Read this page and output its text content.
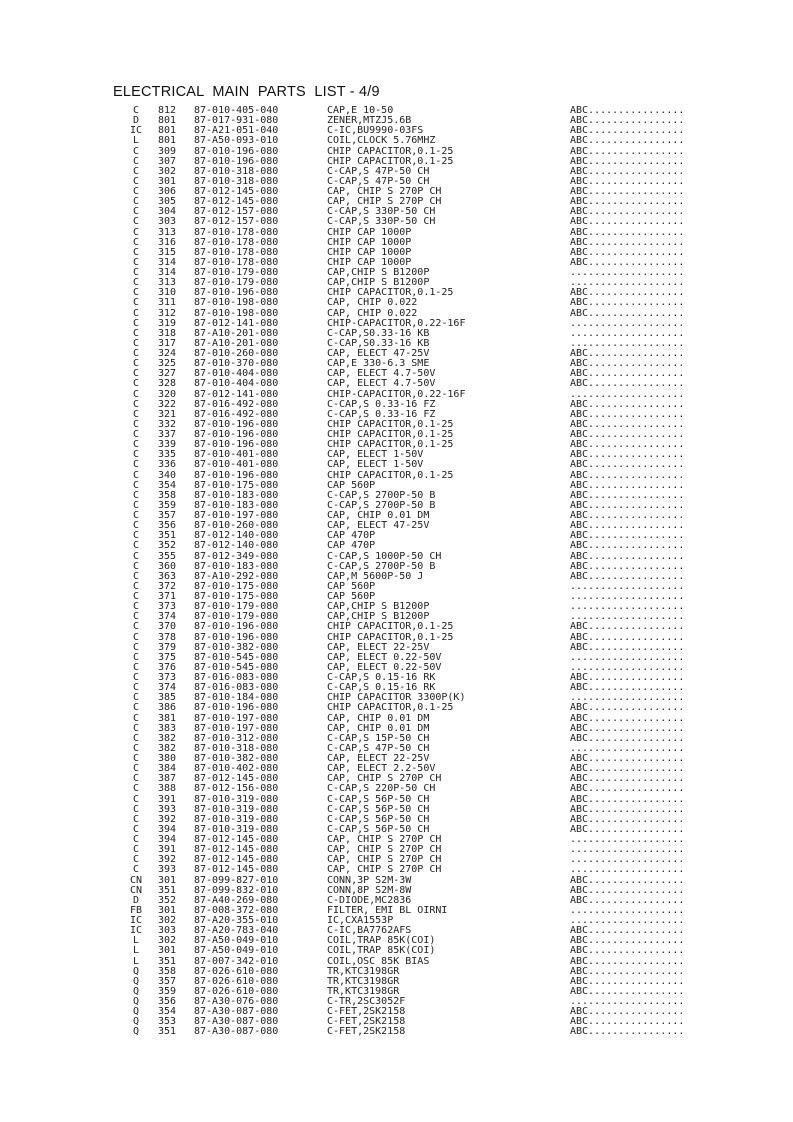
ELECTRICAL  MAIN  PARTS  LIST - 4/9
C	812 87-010-405-040	CAP,E 10-50	ABC................
D	801 87-017-931-080	ZENER,MTZJ5.6B	ABC................
IC	801 87-A21-051-040	C-IC,BU9990-03FS	ABC................
L	801 87-A50-093-010	COIL,CLOCK 5.76MHZ	ABC................
C	309 87-010-196-080	CHIP CAPACITOR,0.1-25	ABC................
C	307 87-010-196-080	CHIP CAPACITOR,0.1-25	ABC................
C	302 87-010-318-080	C-CAP,S 47P-50 CH	ABC................
C	301 87-010-318-080	C-CAP,S 47P-50 CH	ABC................
C	306 87-012-145-080	CAP, CHIP S 270P CH	ABC................
C	305 87-012-145-080	CAP, CHIP S 270P CH	ABC................
C	304 87-012-157-080	C-CAP,S 330P-50 CH	ABC................
C	303 87-012-157-080	C-CAP,S 330P-50 CH	ABC................
C	313 87-010-178-080	CHIP CAP 1000P	ABC................
C	316 87-010-178-080	CHIP CAP 1000P	ABC................
C	315 87-010-178-080	CHIP CAP 1000P	ABC................
C	314 87-010-178-080	CHIP CAP 1000P	ABC................
C	314 87-010-179-080	CAP,CHIP S B1200P	...................
C	313 87-010-179-080	CAP,CHIP S B1200P	...................
C	310 87-010-196-080	CHIP CAPACITOR,0.1-25	ABC................
C	311 87-010-198-080	CAP, CHIP 0.022	ABC................
C	312 87-010-198-080	CAP, CHIP 0.022	ABC................
C	319 87-012-141-080	CHIP-CAPACITOR,0.22-16F	...................
C	318 87-A10-201-080	C-CAP,S0.33-16 KB	...................
C	317 87-A10-201-080	C-CAP,S0.33-16 KB	...................
C	324 87-010-260-080	CAP, ELECT 47-25V	ABC................
C	325 87-010-370-080	CAP,E 330-6.3 SME	ABC................
C	327 87-010-404-080	CAP, ELECT 4.7-50V	ABC................
C	328 87-010-404-080	CAP, ELECT 4.7-50V	ABC................
C	320 87-012-141-080	CHIP-CAPACITOR,0.22-16F	...................
C	322 87-016-492-080	C-CAP,S 0.33-16 FZ	ABC................
C	321 87-016-492-080	C-CAP,S 0.33-16 FZ	ABC................
C	332 87-010-196-080	CHIP CAPACITOR,0.1-25	ABC................
C	337 87-010-196-080	CHIP CAPACITOR,0.1-25	ABC................
C	339 87-010-196-080	CHIP CAPACITOR,0.1-25	ABC................
C	335 87-010-401-080	CAP, ELECT 1-50V	ABC................
C	336 87-010-401-080	CAP, ELECT 1-50V	ABC................
C	340 87-010-196-080	CHIP CAPACITOR,0.1-25	ABC................
C	354 87-010-175-080	CAP 560P	ABC................
C	358 87-010-183-080	C-CAP,S 2700P-50 B	ABC................
C	359 87-010-183-080	C-CAP,S 2700P-50 B	ABC................
C	357 87-010-197-080	CAP, CHIP 0.01 DM	ABC................
C	356 87-010-260-080	CAP, ELECT 47-25V	ABC................
C	351 87-012-140-080	CAP 470P	ABC................
C	352 87-012-140-080	CAP 470P	ABC................
C	355 87-012-349-080	C-CAP,S 1000P-50 CH	ABC................
C	360 87-010-183-080	C-CAP,S 2700P-50 B	ABC................
C	363 87-A10-292-080	CAP,M 5600P-50 J	ABC................
C	372 87-010-175-080	CAP 560P	...................
C	371 87-010-175-080	CAP 560P	...................
C	373 87-010-179-080	CAP,CHIP S B1200P	...................
C	374 87-010-179-080	CAP,CHIP S B1200P	...................
C	370 87-010-196-080	CHIP CAPACITOR,0.1-25	ABC................
C	378 87-010-196-080	CHIP CAPACITOR,0.1-25	ABC................
C	379 87-010-382-080	CAP, ELECT 22-25V	ABC................
C	375 87-010-545-080	CAP, ELECT 0.22-50V	...................
C	376 87-010-545-080	CAP, ELECT 0.22-50V	...................
C	373 87-016-083-080	C-CAP,S 0.15-16 RK	ABC................
C	374 87-016-083-080	C-CAP,S 0.15-16 RK	ABC................
C	385 87-010-184-080	CHIP CAPACITOR 3300P(K)	...................
C	386 87-010-196-080	CHIP CAPACITOR,0.1-25	ABC................
C	381 87-010-197-080	CAP, CHIP 0.01 DM	ABC................
C	383 87-010-197-080	CAP, CHIP 0.01 DM	ABC................
C	382 87-010-312-080	C-CAP,S 15P-50 CH	ABC................
C	382 87-010-318-080	C-CAP,S 47P-50 CH	...................
C	380 87-010-382-080	CAP, ELECT 22-25V	ABC................
C	384 87-010-402-080	CAP, ELECT 2.2-50V	ABC................
C	387 87-012-145-080	CAP, CHIP S 270P CH	ABC................
C	388 87-012-156-080	C-CAP,S 220P-50 CH	ABC................
C	391 87-010-319-080	C-CAP,S 56P-50 CH	ABC................
C	393 87-010-319-080	C-CAP,S 56P-50 CH	ABC................
C	392 87-010-319-080	C-CAP,S 56P-50 CH	ABC................
C	394 87-010-319-080	C-CAP,S 56P-50 CH	ABC................
C	394 87-012-145-080	CAP, CHIP S 270P CH	...................
C	391 87-012-145-080	CAP, CHIP S 270P CH	...................
C	392 87-012-145-080	CAP, CHIP S 270P CH	...................
C	393 87-012-145-080	CAP, CHIP S 270P CH	...................
CN	301 87-099-827-010	CONN,3P S2M-3W	ABC................
CN	351 87-099-832-010	CONN,8P S2M-8W	ABC................
D	352 87-A40-269-080	C-DIODE,MC2836	ABC................
FB	301 87-008-372-080	FILTER, EMI BL OIRNI	...................
IC	302 87-A20-355-010	IC,CXA1553P	...................
IC	303 87-A20-783-040	C-IC,BA7762AFS	ABC................
L	302 87-A50-049-010	COIL,TRAP 85K(COI)	ABC................
L	301 87-A50-049-010	COIL,TRAP 85K(COI)	ABC................
L	351 87-007-342-010	COIL,OSC 85K BIAS	ABC................
Q	358 87-026-610-080	TR,KTC3198GR	ABC................
Q	357 87-026-610-080	TR,KTC3198GR	ABC................
Q	359 87-026-610-080	TR,KTC3198GR	ABC................
Q	356 87-A30-076-080	C-TR,2SC3052F	...................
Q	354 87-A30-087-080	C-FET,2SK2158	ABC................
Q	353 87-A30-087-080	C-FET,2SK2158	ABC................
Q	351 87-A30-087-080	C-FET,2SK2158	ABC................
